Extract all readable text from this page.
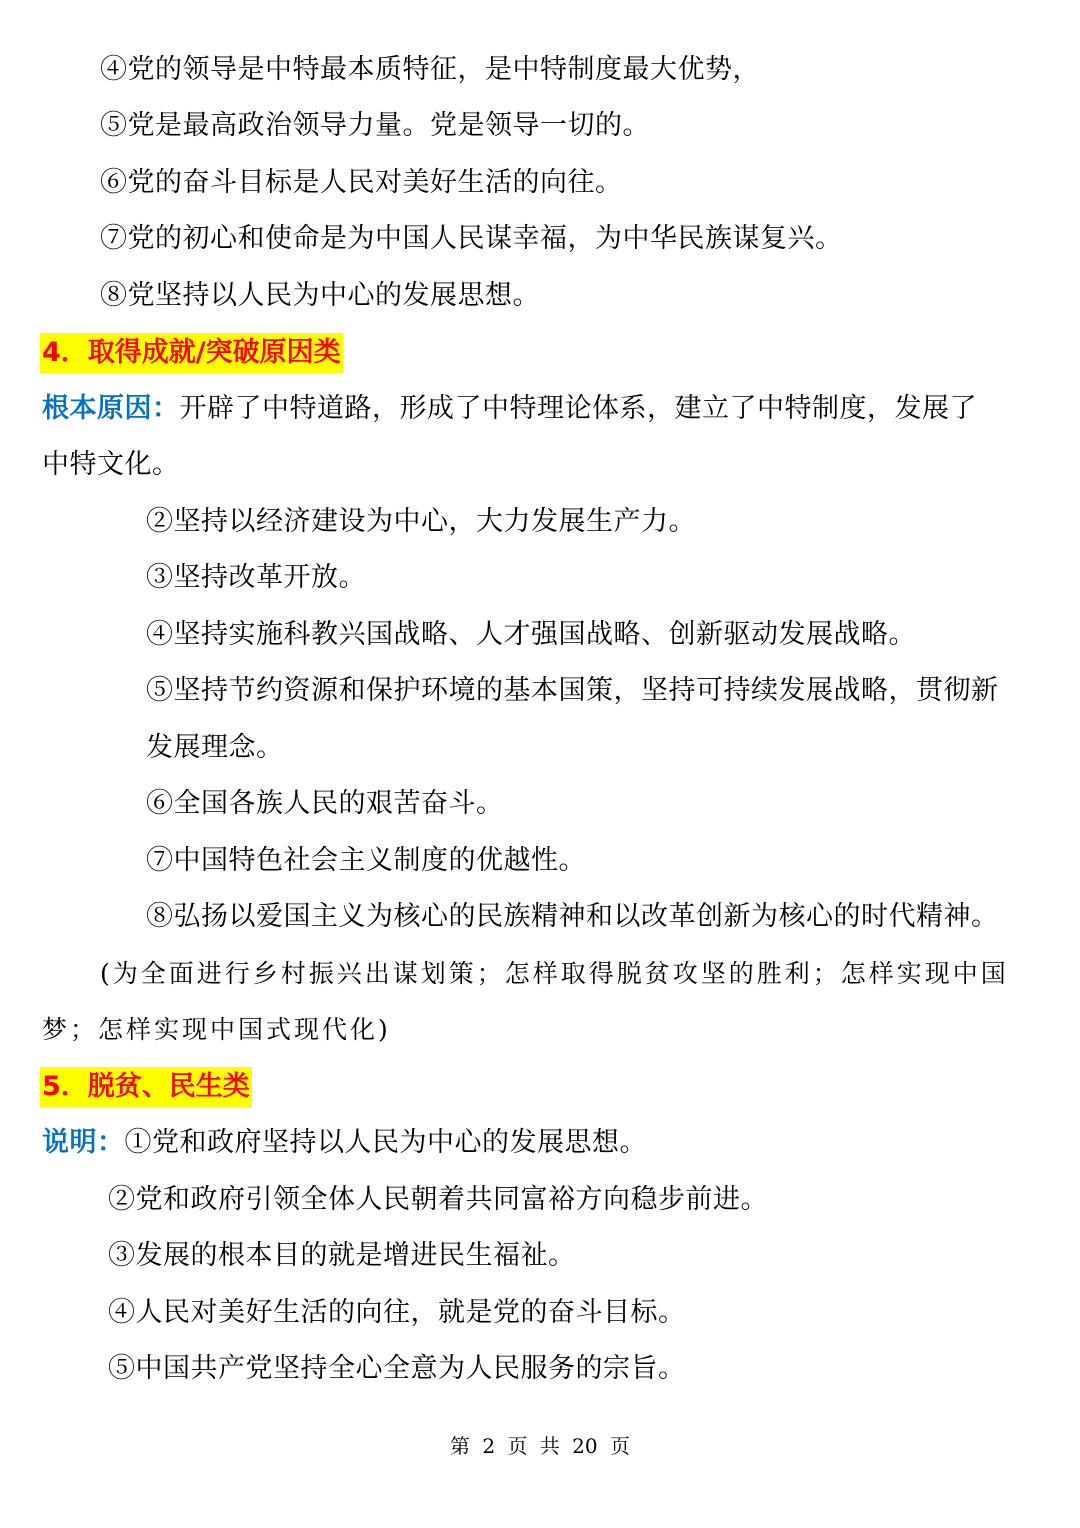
④党的领导是中特最本质特征，是中特制度最大优势，
⑤党是最高政治领导力量。党是领导一切的。
⑥党的奋斗目标是人民对美好生活的向往。
⑦党的初心和使命是为中国人民谋幸福，为中华民族谋复兴。
⑧党坚持以人民为中心的发展思想。
4．取得成就/突破原因类
根本原因：开辟了中特道路，形成了中特理论体系，建立了中特制度，发展了
中特文化。
②坚持以经济建设为中心，大力发展生产力。
③坚持改革开放。
④坚持实施科教兴国战略、人才强国战略、创新驱动发展战略。
⑤坚持节约资源和保护环境的基本国策，坚持可持续发展战略，贯彻新
发展理念。
⑥全国各族人民的艰苦奋斗。
⑦中国特色社会主义制度的优越性。
⑧弘扬以爱国主义为核心的民族精神和以改革创新为核心的时代精神。
(为全面进行乡村振兴出谋划策；怎样取得脱贫攻坚的胜利；怎样实现中国
梦；怎样实现中国式现代化)
5．脱贫、民生类
说明：①党和政府坚持以人民为中心的发展思想。
②党和政府引领全体人民朝着共同富裕方向稳步前进。
③发展的根本目的就是增进民生福祉。
④人民对美好生活的向往，就是党的奋斗目标。
⑤中国共产党坚持全心全意为人民服务的宗旨。
第 2 页 共 20 页
